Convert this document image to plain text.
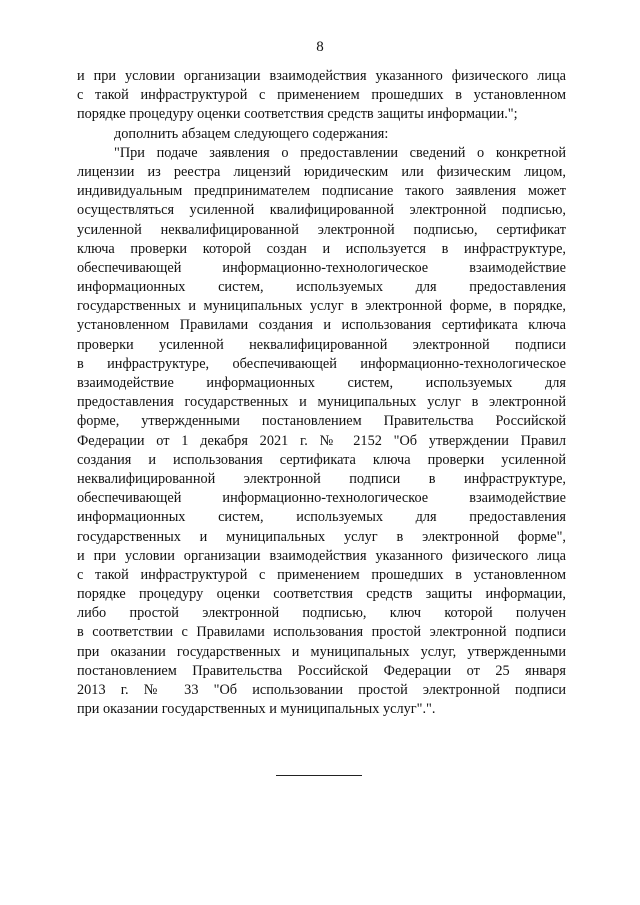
8
и при условии организации взаимодействия указанного физического лица
с такой инфраструктурой с применением прошедших в установленном
порядке процедуру оценки соответствия средств защиты информации.";
дополнить абзацем следующего содержания:
"При подаче заявления о предоставлении сведений о конкретной
лицензии из реестра лицензий юридическим или физическим лицом,
индивидуальным предпринимателем подписание такого заявления может
осуществляться усиленной квалифицированной электронной подписью,
усиленной неквалифицированной электронной подписью, сертификат
ключа проверки которой создан и используется в инфраструктуре,
обеспечивающей информационно-технологическое взаимодействие
информационных систем, используемых для предоставления
государственных и муниципальных услуг в электронной форме, в порядке,
установленном Правилами создания и использования сертификата ключа
проверки усиленной неквалифицированной электронной подписи
в инфраструктуре, обеспечивающей информационно-технологическое
взаимодействие информационных систем, используемых для
предоставления государственных и муниципальных услуг в электронной
форме, утвержденными постановлением Правительства Российской
Федерации от 1 декабря 2021 г. № 2152 "Об утверждении Правил
создания и использования сертификата ключа проверки усиленной
неквалифицированной электронной подписи в инфраструктуре,
обеспечивающей информационно-технологическое взаимодействие
информационных систем, используемых для предоставления
государственных и муниципальных услуг в электронной форме",
и при условии организации взаимодействия указанного физического лица
с такой инфраструктурой с применением прошедших в установленном
порядке процедуру оценки соответствия средств защиты информации,
либо простой электронной подписью, ключ которой получен
в соответствии с Правилами использования простой электронной подписи
при оказании государственных и муниципальных услуг, утвержденными
постановлением Правительства Российской Федерации от 25 января
2013 г. № 33 "Об использовании простой электронной подписи
при оказании государственных и муниципальных услуг".".
